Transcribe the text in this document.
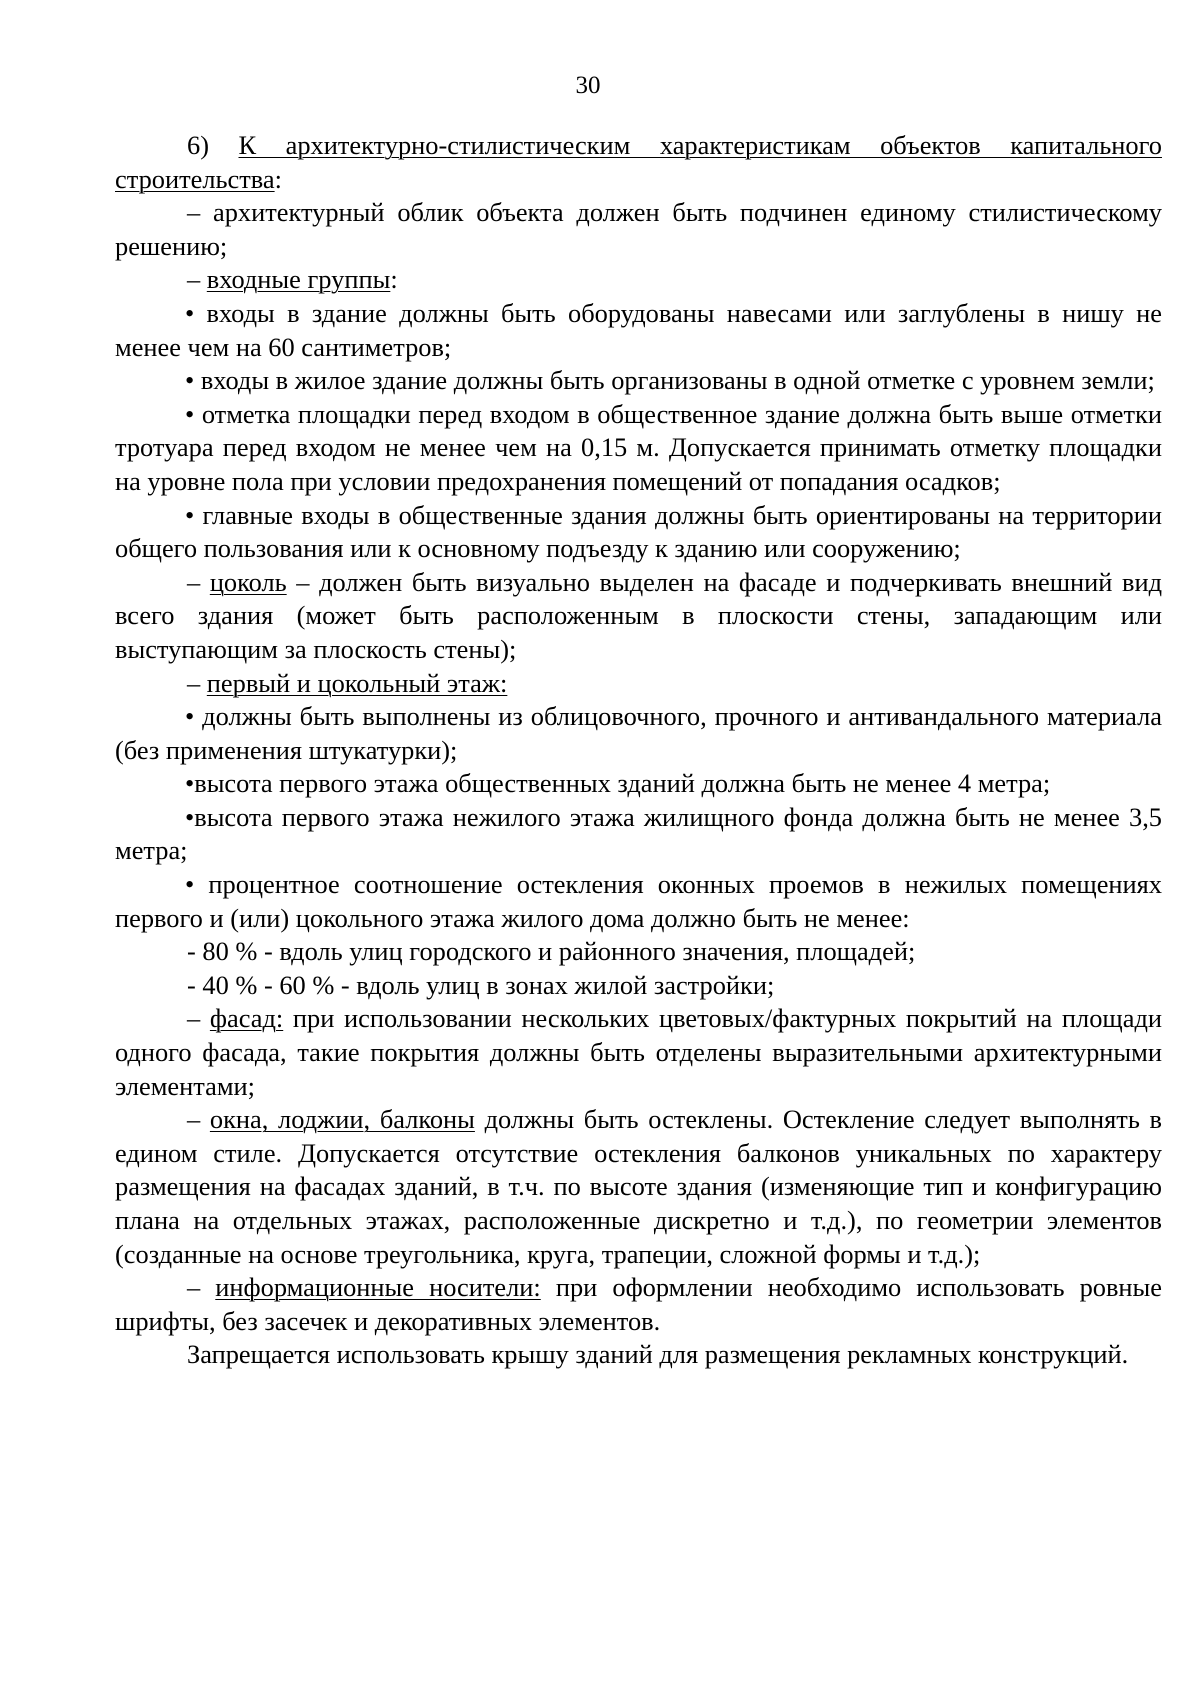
30

6) К архитектурно-стилистическим характеристикам объектов капитального строительства:

– архитектурный облик объекта должен быть подчинен единому стилистическому решению;

– входные группы:

• входы в здание должны быть оборудованы навесами или заглублены в нишу не менее чем на 60 сантиметров;

• входы в жилое здание должны быть организованы в одной отметке с уровнем земли;

• отметка площадки перед входом в общественное здание должна быть выше отметки тротуара перед входом не менее чем на 0,15 м. Допускается принимать отметку площадки на уровне пола при условии предохранения помещений от попадания осадков;

• главные входы в общественные здания должны быть ориентированы на территории общего пользования или к основному подъезду к зданию или сооружению;

– цоколь – должен быть визуально выделен на фасаде и подчеркивать внешний вид всего здания (может быть расположенным в плоскости стены, западающим или выступающим за плоскость стены);

– первый и цокольный этаж:

• должны быть выполнены из облицовочного, прочного и антивандального материала (без применения штукатурки);

•высота первого этажа общественных зданий должна быть не менее 4 метра;

•высота первого этажа нежилого этажа жилищного фонда должна быть не менее 3,5 метра;

• процентное соотношение остекления оконных проемов в нежилых помещениях первого и (или) цокольного этажа жилого дома должно быть не менее:

- 80 % - вдоль улиц городского и районного значения, площадей;

- 40 % - 60 % - вдоль улиц в зонах жилой застройки;

– фасад: при использовании нескольких цветовых/фактурных покрытий на площади одного фасада, такие покрытия должны быть отделены выразительными архитектурными элементами;

– окна, лоджии, балконы должны быть остеклены. Остекление следует выполнять в едином стиле. Допускается отсутствие остекления балконов уникальных по характеру размещения на фасадах зданий, в т.ч. по высоте здания (изменяющие тип и конфигурацию плана на отдельных этажах, расположенные дискретно и т.д.), по геометрии элементов (созданные на основе треугольника, круга, трапеции, сложной формы и т.д.);

– информационные носители: при оформлении необходимо использовать ровные шрифты, без засечек и декоративных элементов.

Запрещается использовать крышу зданий для размещения рекламных конструкций.
